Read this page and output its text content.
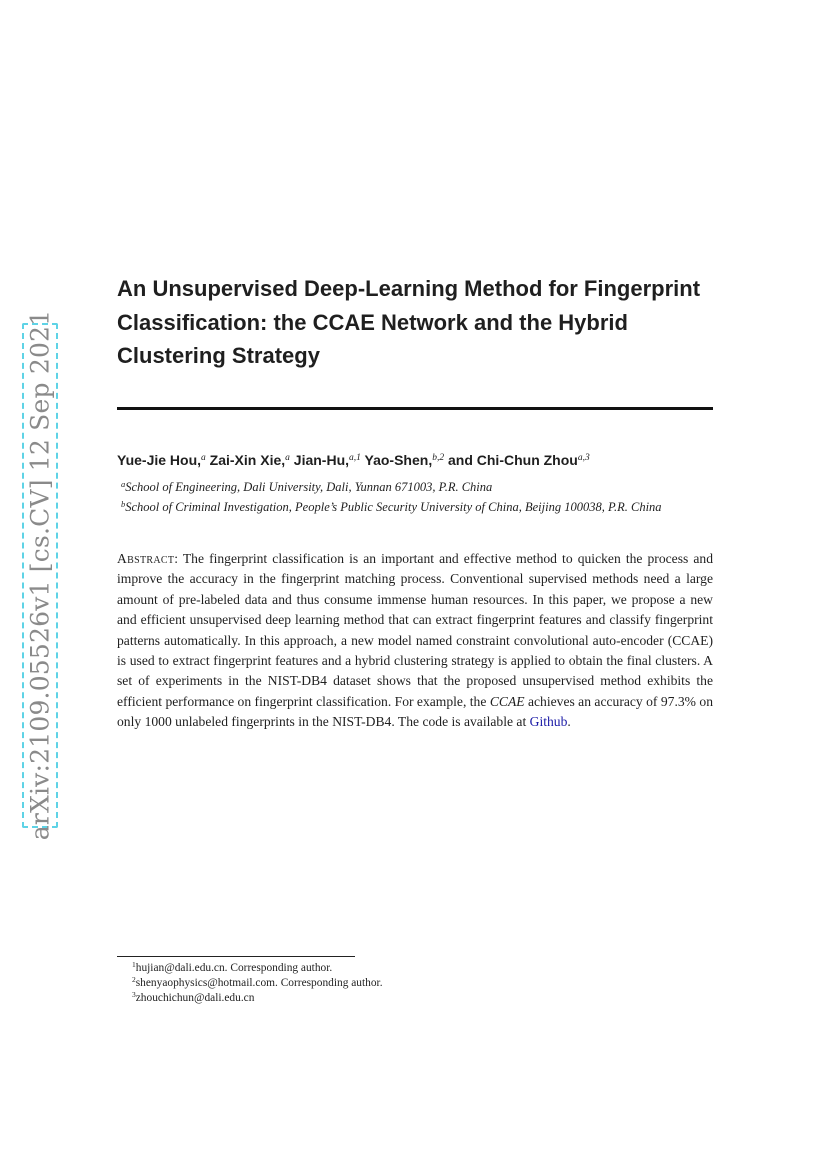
arXiv:2109.05526v1 [cs.CV] 12 Sep 2021
An Unsupervised Deep-Learning Method for Fingerprint Classification: the CCAE Network and the Hybrid Clustering Strategy
Yue-Jie Hou,$^a$ Zai-Xin Xie,$^a$ Jian-Hu,$^{a,1}$ Yao-Shen,$^{b,2}$ and Chi-Chun Zhou$^{a,3}$
$^a$School of Engineering, Dali University, Dali, Yunnan 671003, P.R. China
$^b$School of Criminal Investigation, People’s Public Security University of China, Beijing 100038, P.R. China

Abstract: The fingerprint classification is an important and effective method to quicken the process and improve the accuracy in the fingerprint matching process. Conventional supervised methods need a large amount of pre-labeled data and thus consume immense human resources. In this paper, we propose a new and efficient unsupervised deep learning method that can extract fingerprint features and classify fingerprint patterns automatically. In this approach, a new model named constraint convolutional auto-encoder (CCAE) is used to extract fingerprint features and a hybrid clustering strategy is applied to obtain the final clusters. A set of experiments in the NIST-DB4 dataset shows that the proposed unsupervised method exhibits the efficient performance on fingerprint classification. For example, the CCAE achieves an accuracy of 97.3% on only 1000 unlabeled fingerprints in the NIST-DB4. The code is available at Github.

$^1$hujian@dali.edu.cn. Corresponding author.
$^2$shenyaophysics@hotmail.com. Corresponding author.
$^3$zhouchichun@dali.edu.cn
